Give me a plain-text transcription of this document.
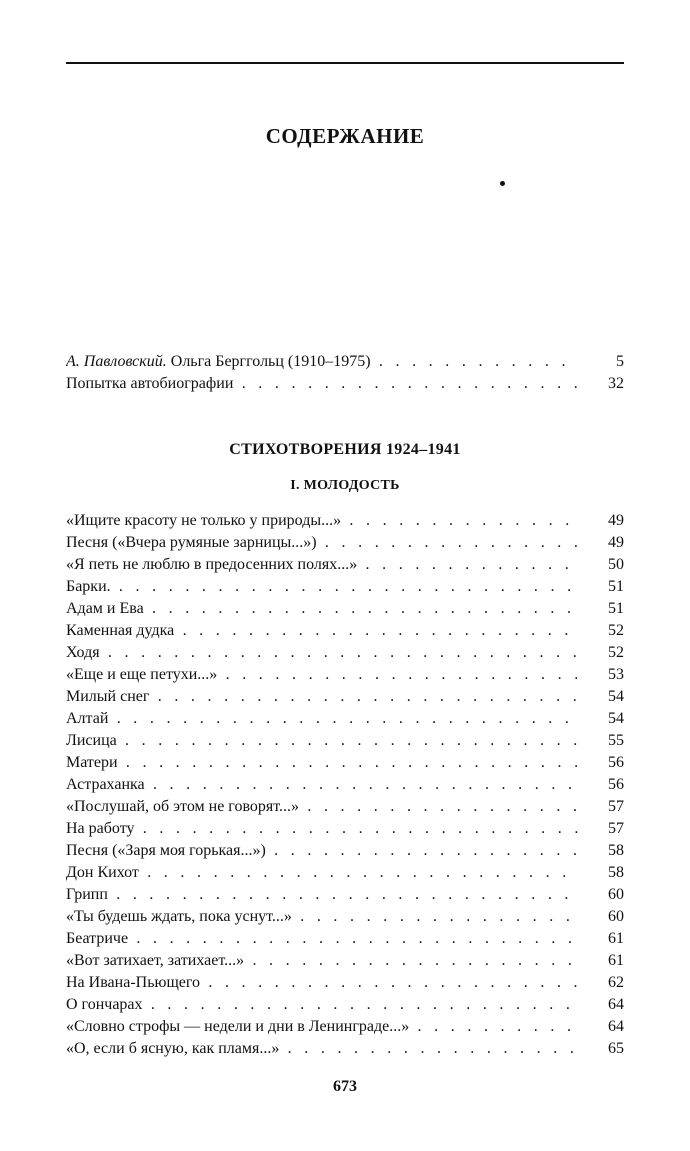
СОДЕРЖАНИЕ
А. Павловский. Ольга Берггольц (1910–1975) . . .	5
Попытка автобиографии . . .	32
СТИХОТВОРЕНИЯ 1924–1941
I. МОЛОДОСТЬ
«Ищите красоту не только у природы...» . . .	49
Песня («Вчера румяные зарницы...») . . .	49
«Я петь не люблю в предосенних полях...» . . .	50
Барки. . . .	51
Адам и Ева . . .	51
Каменная дудка . . .	52
Ходя . . .	52
«Еще и еще петухи...» . . .	53
Милый снег . . .	54
Алтай . . .	54
Лисица . . .	55
Матери . . .	56
Астраханка . . .	56
«Послушай, об этом не говорят...» . . .	57
На работу . . .	57
Песня («Заря моя горькая...») . . .	58
Дон Кихот . . .	58
Грипп . . .	60
«Ты будешь ждать, пока уснут...» . . .	60
Беатриче . . .	61
«Вот затихает, затихает...» . . .	61
На Ивана-Пьющего . . .	62
О гончарах . . .	64
«Словно строфы — недели и дни в Ленинграде...» . . .	64
«О, если б ясную, как пламя...» . . .	65
673
